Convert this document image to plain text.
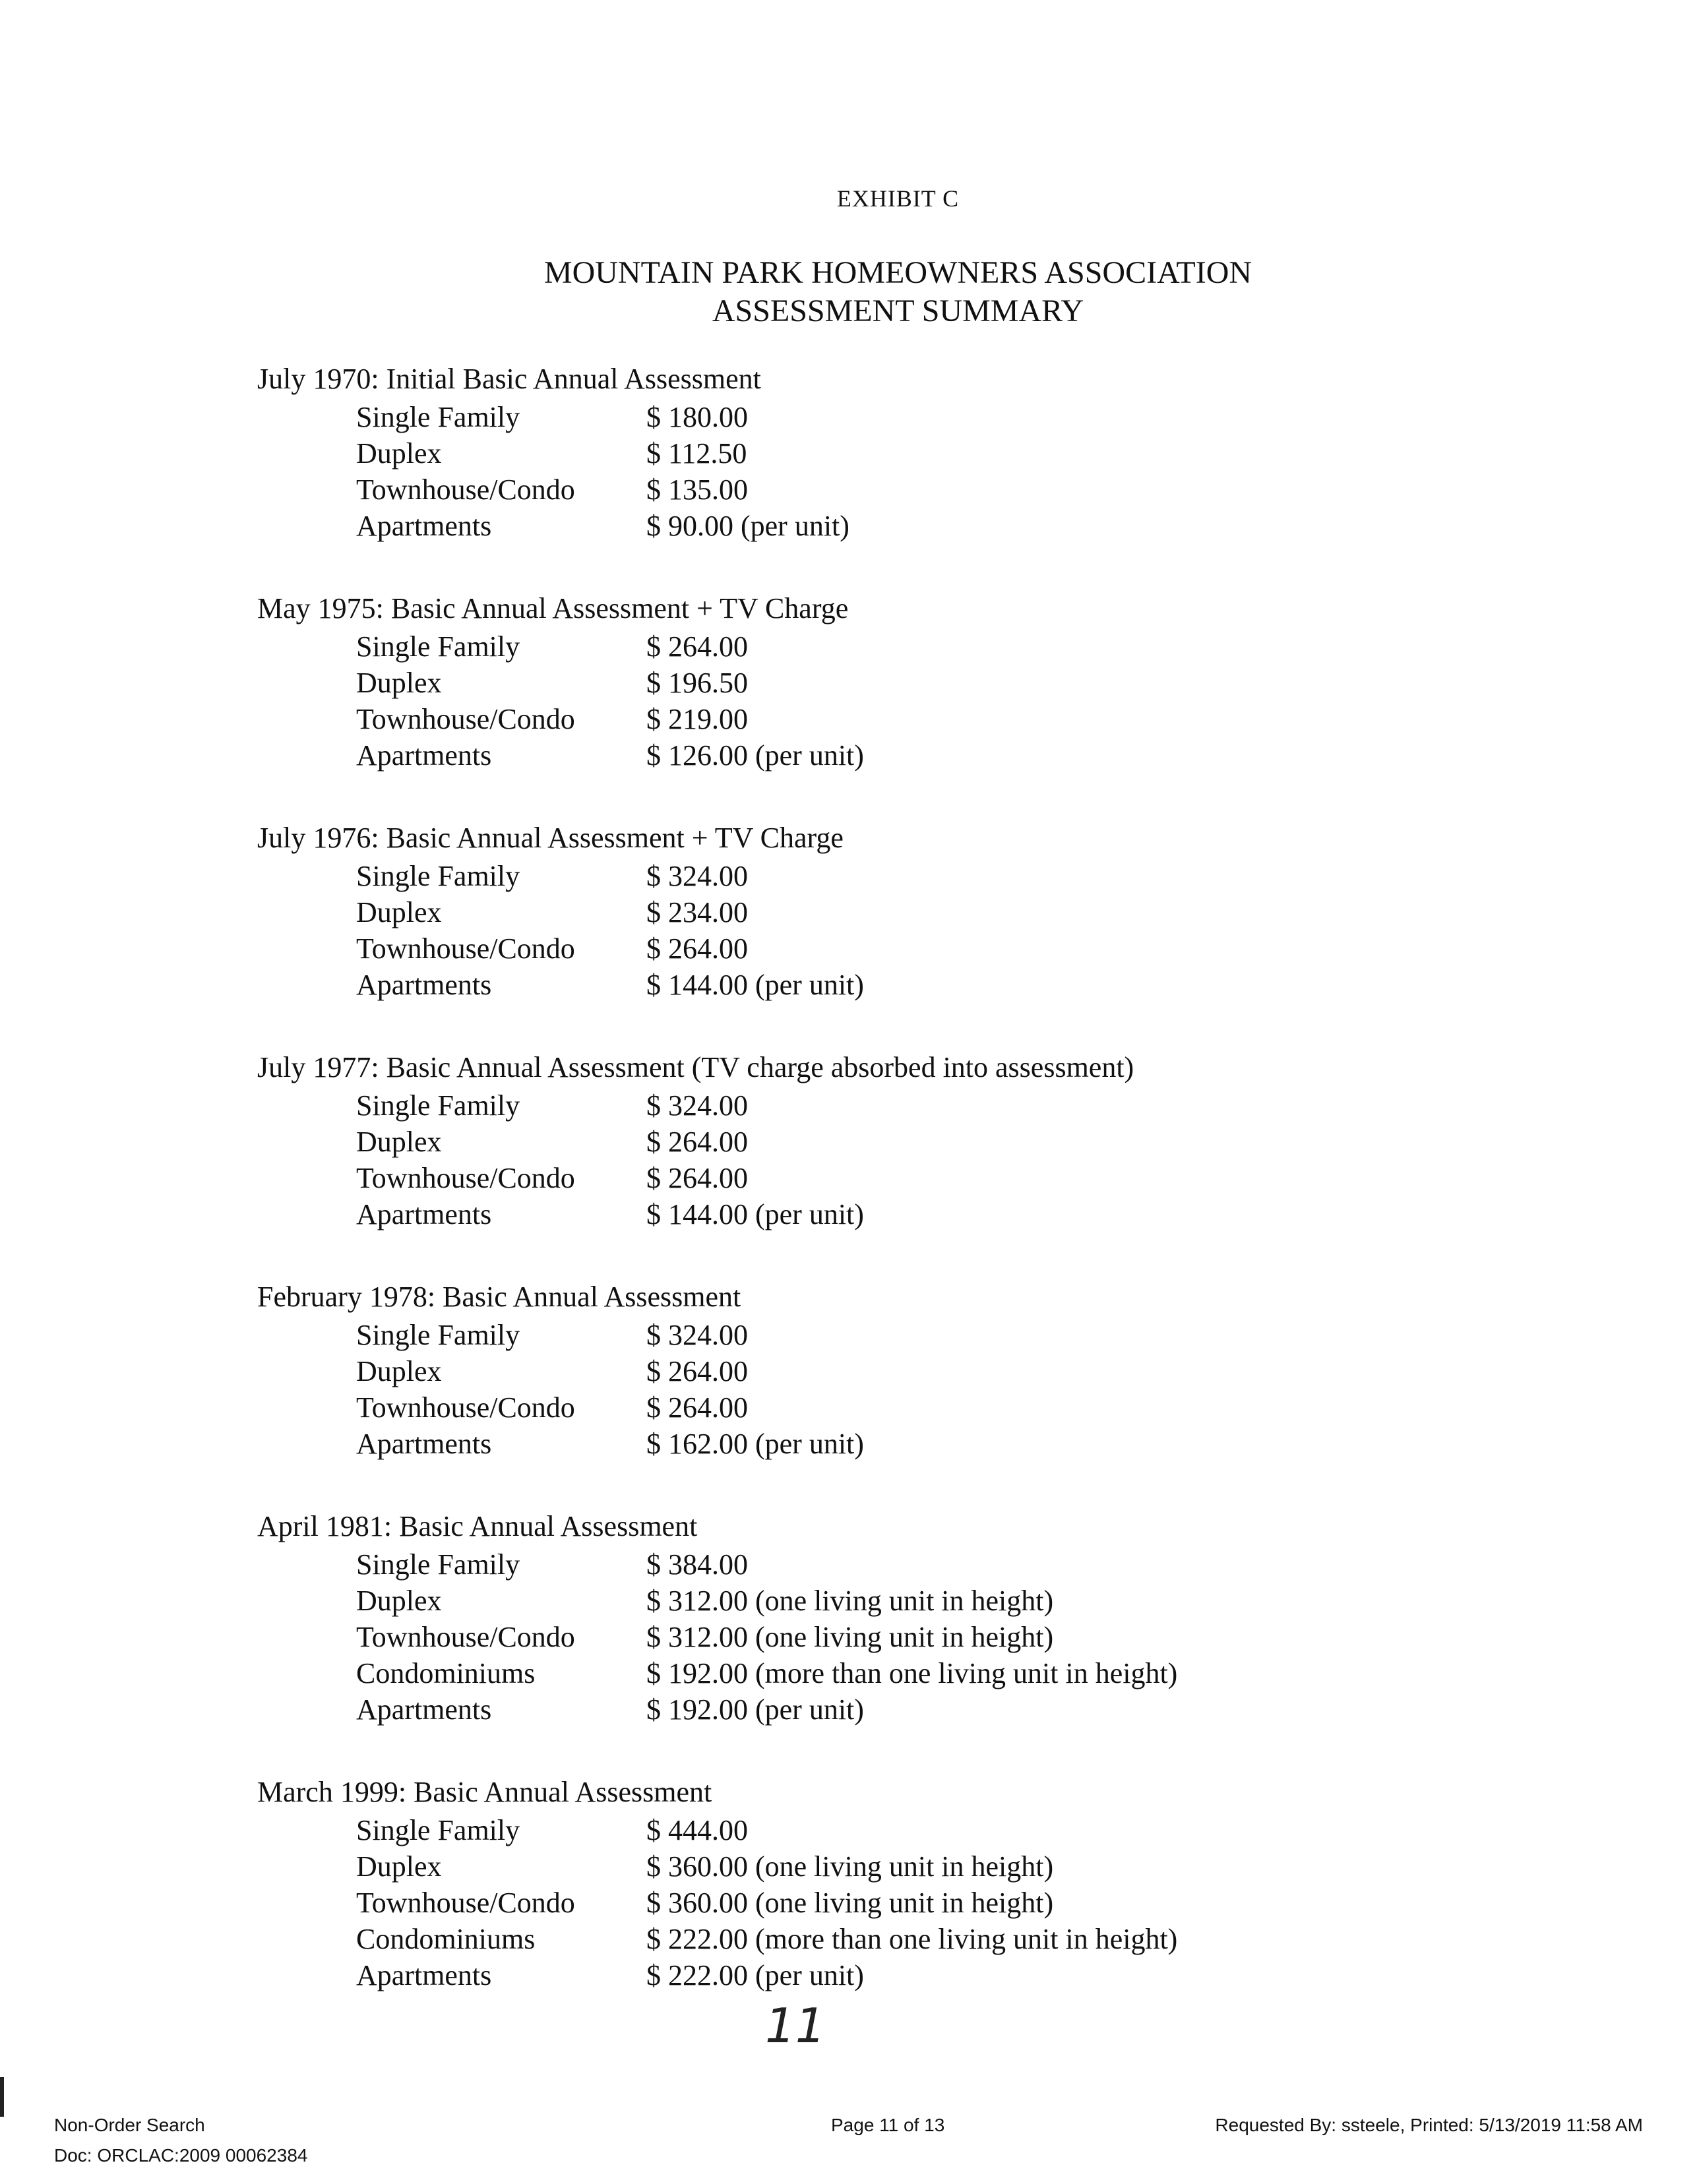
EXHIBIT C
MOUNTAIN PARK HOMEOWNERS ASSOCIATION
ASSESSMENT SUMMARY
July 1970: Initial Basic Annual Assessment
Single Family	$ 180.00
Duplex	$ 112.50
Townhouse/Condo	$ 135.00
Apartments	$ 90.00 (per unit)
May 1975: Basic Annual Assessment + TV Charge
Single Family	$ 264.00
Duplex	$ 196.50
Townhouse/Condo	$ 219.00
Apartments	$ 126.00 (per unit)
July 1976: Basic Annual Assessment + TV Charge
Single Family	$ 324.00
Duplex	$ 234.00
Townhouse/Condo	$ 264.00
Apartments	$ 144.00 (per unit)
July 1977: Basic Annual Assessment (TV charge absorbed into assessment)
Single Family	$ 324.00
Duplex	$ 264.00
Townhouse/Condo	$ 264.00
Apartments	$ 144.00 (per unit)
February 1978: Basic Annual Assessment
Single Family	$ 324.00
Duplex	$ 264.00
Townhouse/Condo	$ 264.00
Apartments	$ 162.00 (per unit)
April 1981: Basic Annual Assessment
Single Family	$ 384.00
Duplex	$ 312.00 (one living unit in height)
Townhouse/Condo	$ 312.00 (one living unit in height)
Condominiums	$ 192.00 (more than one living unit in height)
Apartments	$ 192.00 (per unit)
March 1999: Basic Annual Assessment
Single Family	$ 444.00
Duplex	$ 360.00 (one living unit in height)
Townhouse/Condo	$ 360.00 (one living unit in height)
Condominiums	$ 222.00 (more than one living unit in height)
Apartments	$ 222.00 (per unit)
11
Non-Order Search
Doc: ORCLAC:2009 00062384
Page 11 of 13	Requested By: ssteele, Printed: 5/13/2019 11:58 AM
